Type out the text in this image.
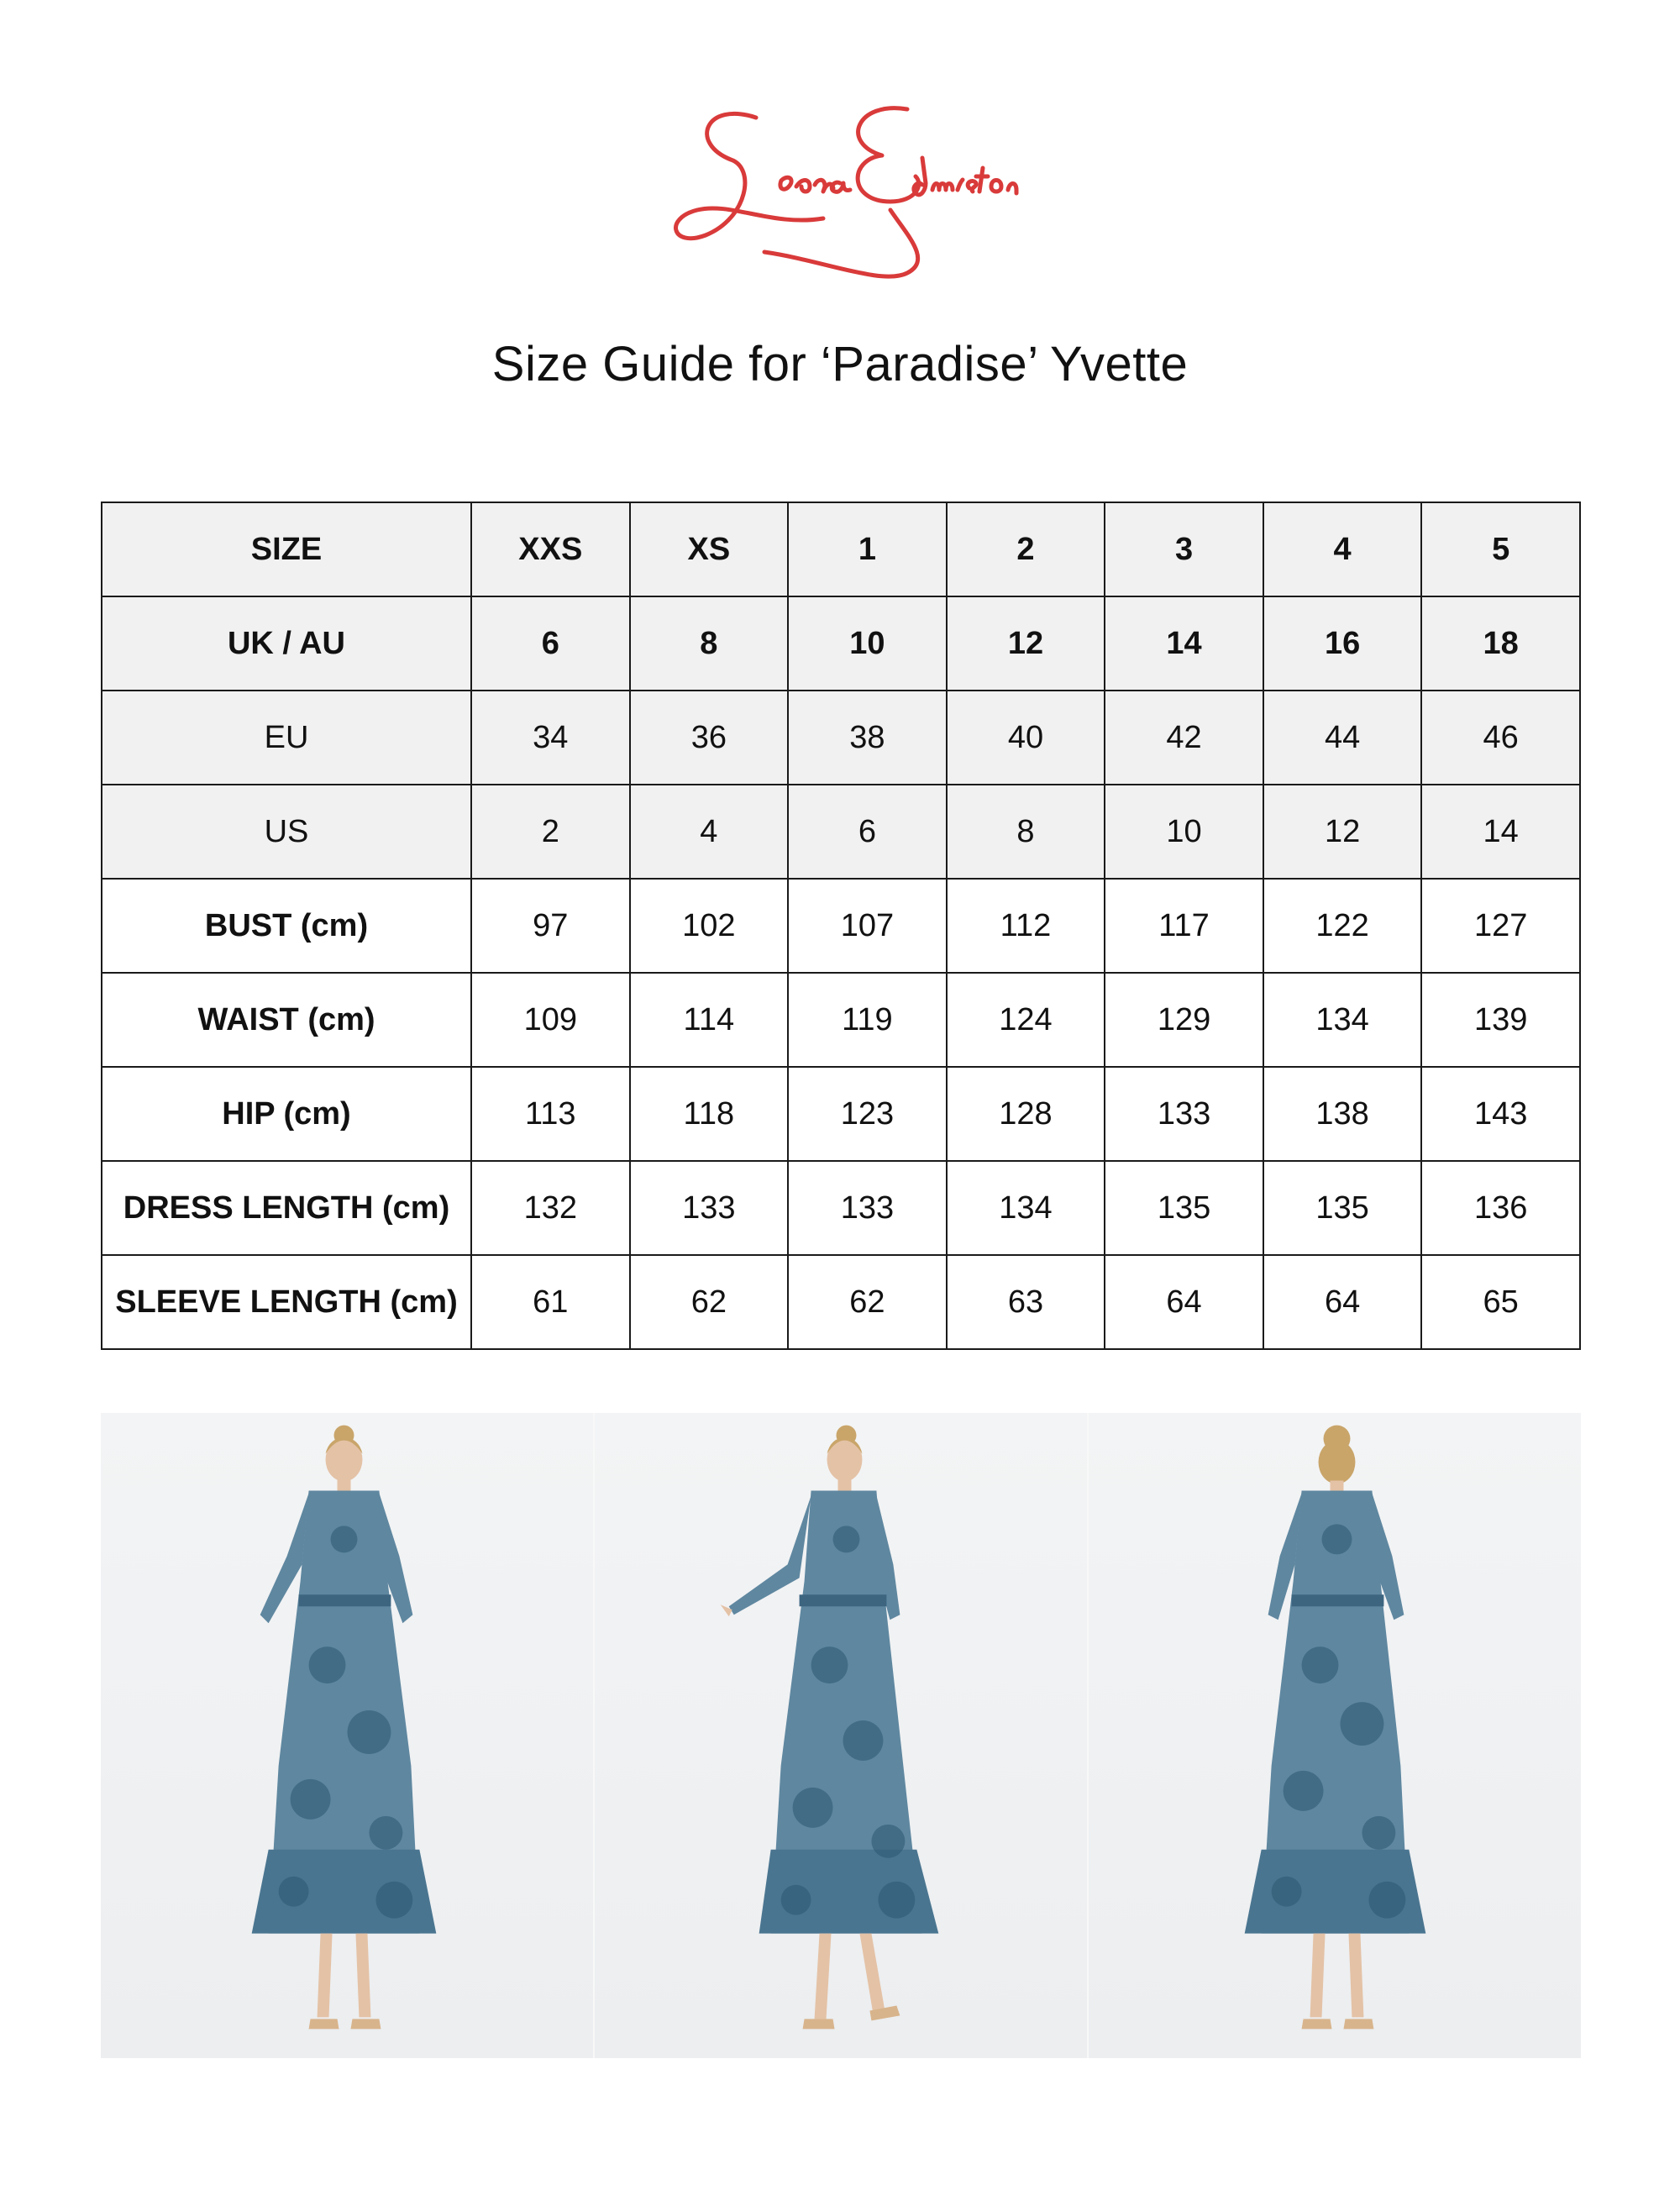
Size Guide for ‘Paradise’ Yvette
SIZE	XXS	XS	1	2	3	4	5
UK / AU	6	8	10	12	14	16	18
EU	34	36	38	40	42	44	46
US	2	4	6	8	10	12	14
BUST (cm)	97	102	107	112	117	122	127
WAIST (cm)	109	114	119	124	129	134	139
HIP (cm)	113	118	123	128	133	138	143
DRESS LENGTH (cm)	132	133	133	134	135	135	136
SLEEVE LENGTH (cm)	61	62	62	63	64	64	65
